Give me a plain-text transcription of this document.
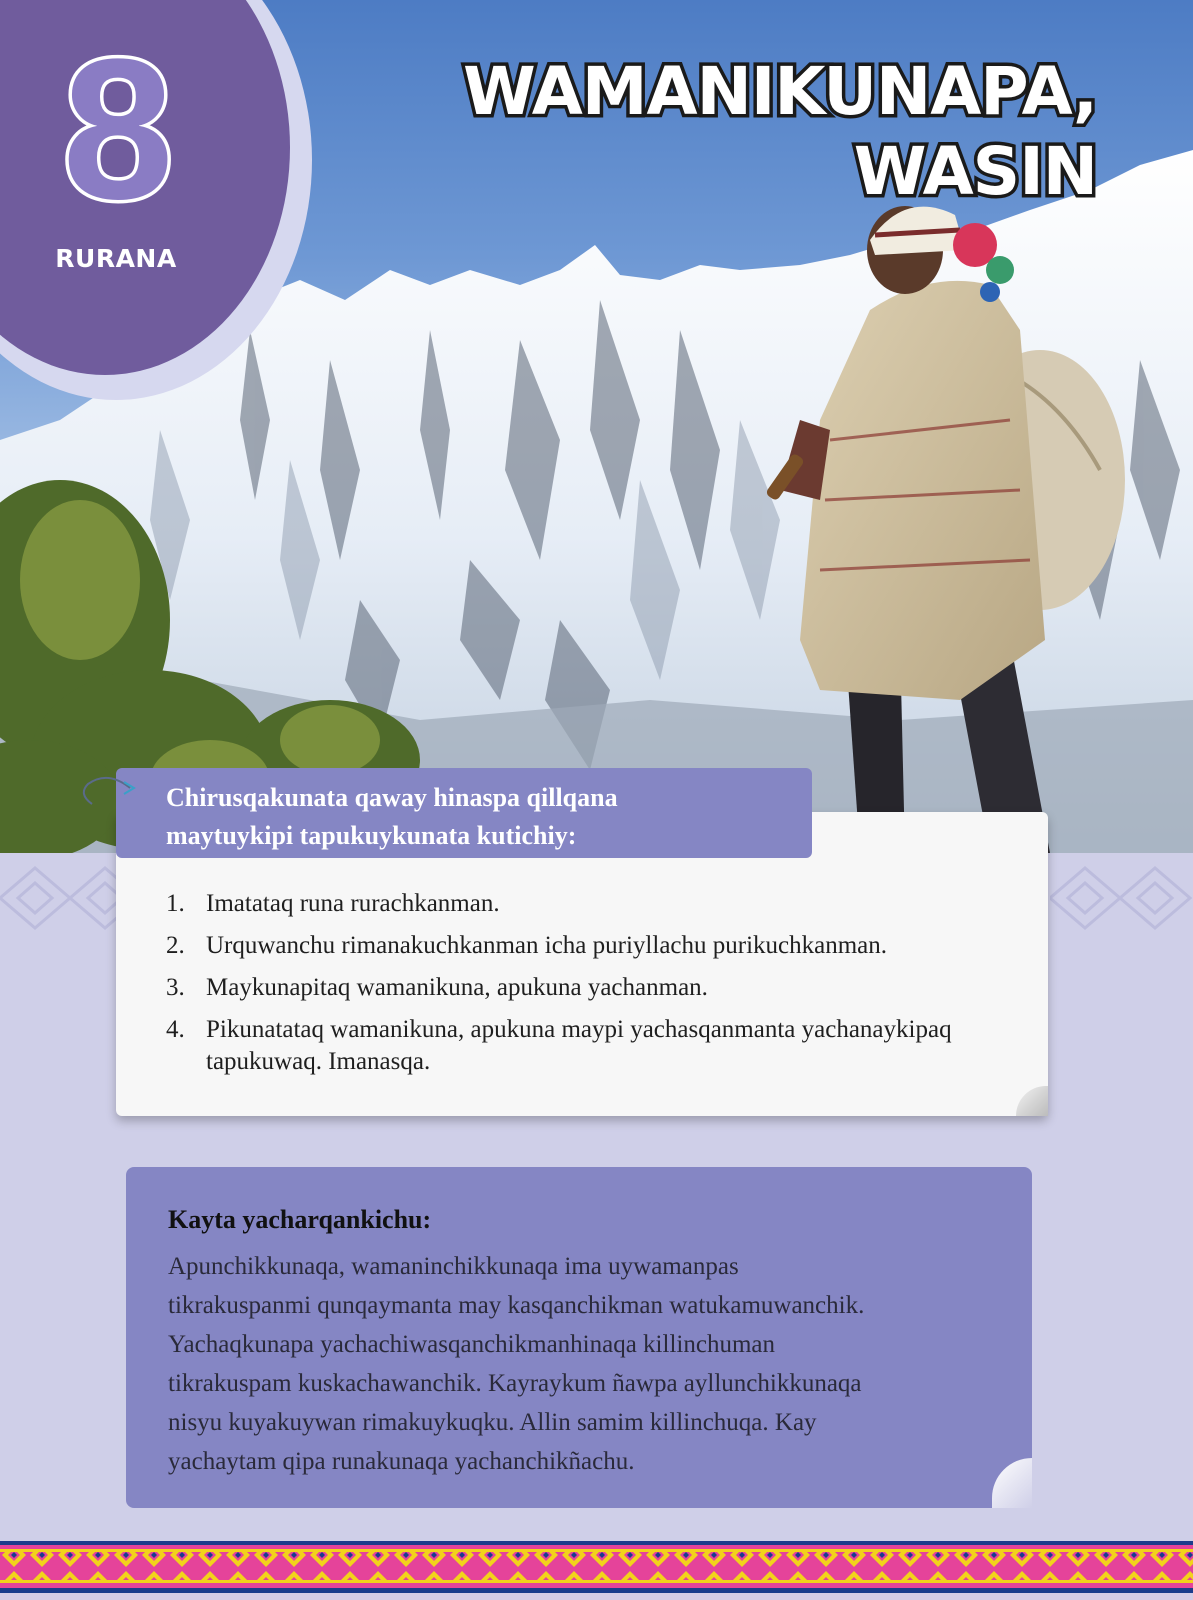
8
RURANA
WAMANIKUNAPA,
WASIN
Chirusqakunata qaway hinaspa qillqana
maytuykipi tapukuykunata kutichiy:
1. Imatataq runa rurachkanman.
2. Urquwanchu rimanakuchkanman icha puriyllachu purikuchkanman.
3. Maykunapitaq wamanikuna, apukuna yachanman.
4. Pikunatataq wamanikuna, apukuna maypi yachasqanmanta yachanaykipaq tapukuwaq. Imanasqa.
Kayta yacharqankichu:
Apunchikkunaqa, wamaninchikkunaqa ima uywamanpas
tikrakuspanmi qunqaymanta may kasqanchikman watukamuwanchik.
Yachaqkunapa yachachiwasqanchikmanhinaqa killinchuman
tikrakuspam kuskachawanchik. Kayraykum ñawpa ayllunchikkunaqa
nisyu kuyakuywan rimakuykuqku. Allin samim killinchuqa. Kay
yachaytam qipa runakunaqa yachanchikñachu.
